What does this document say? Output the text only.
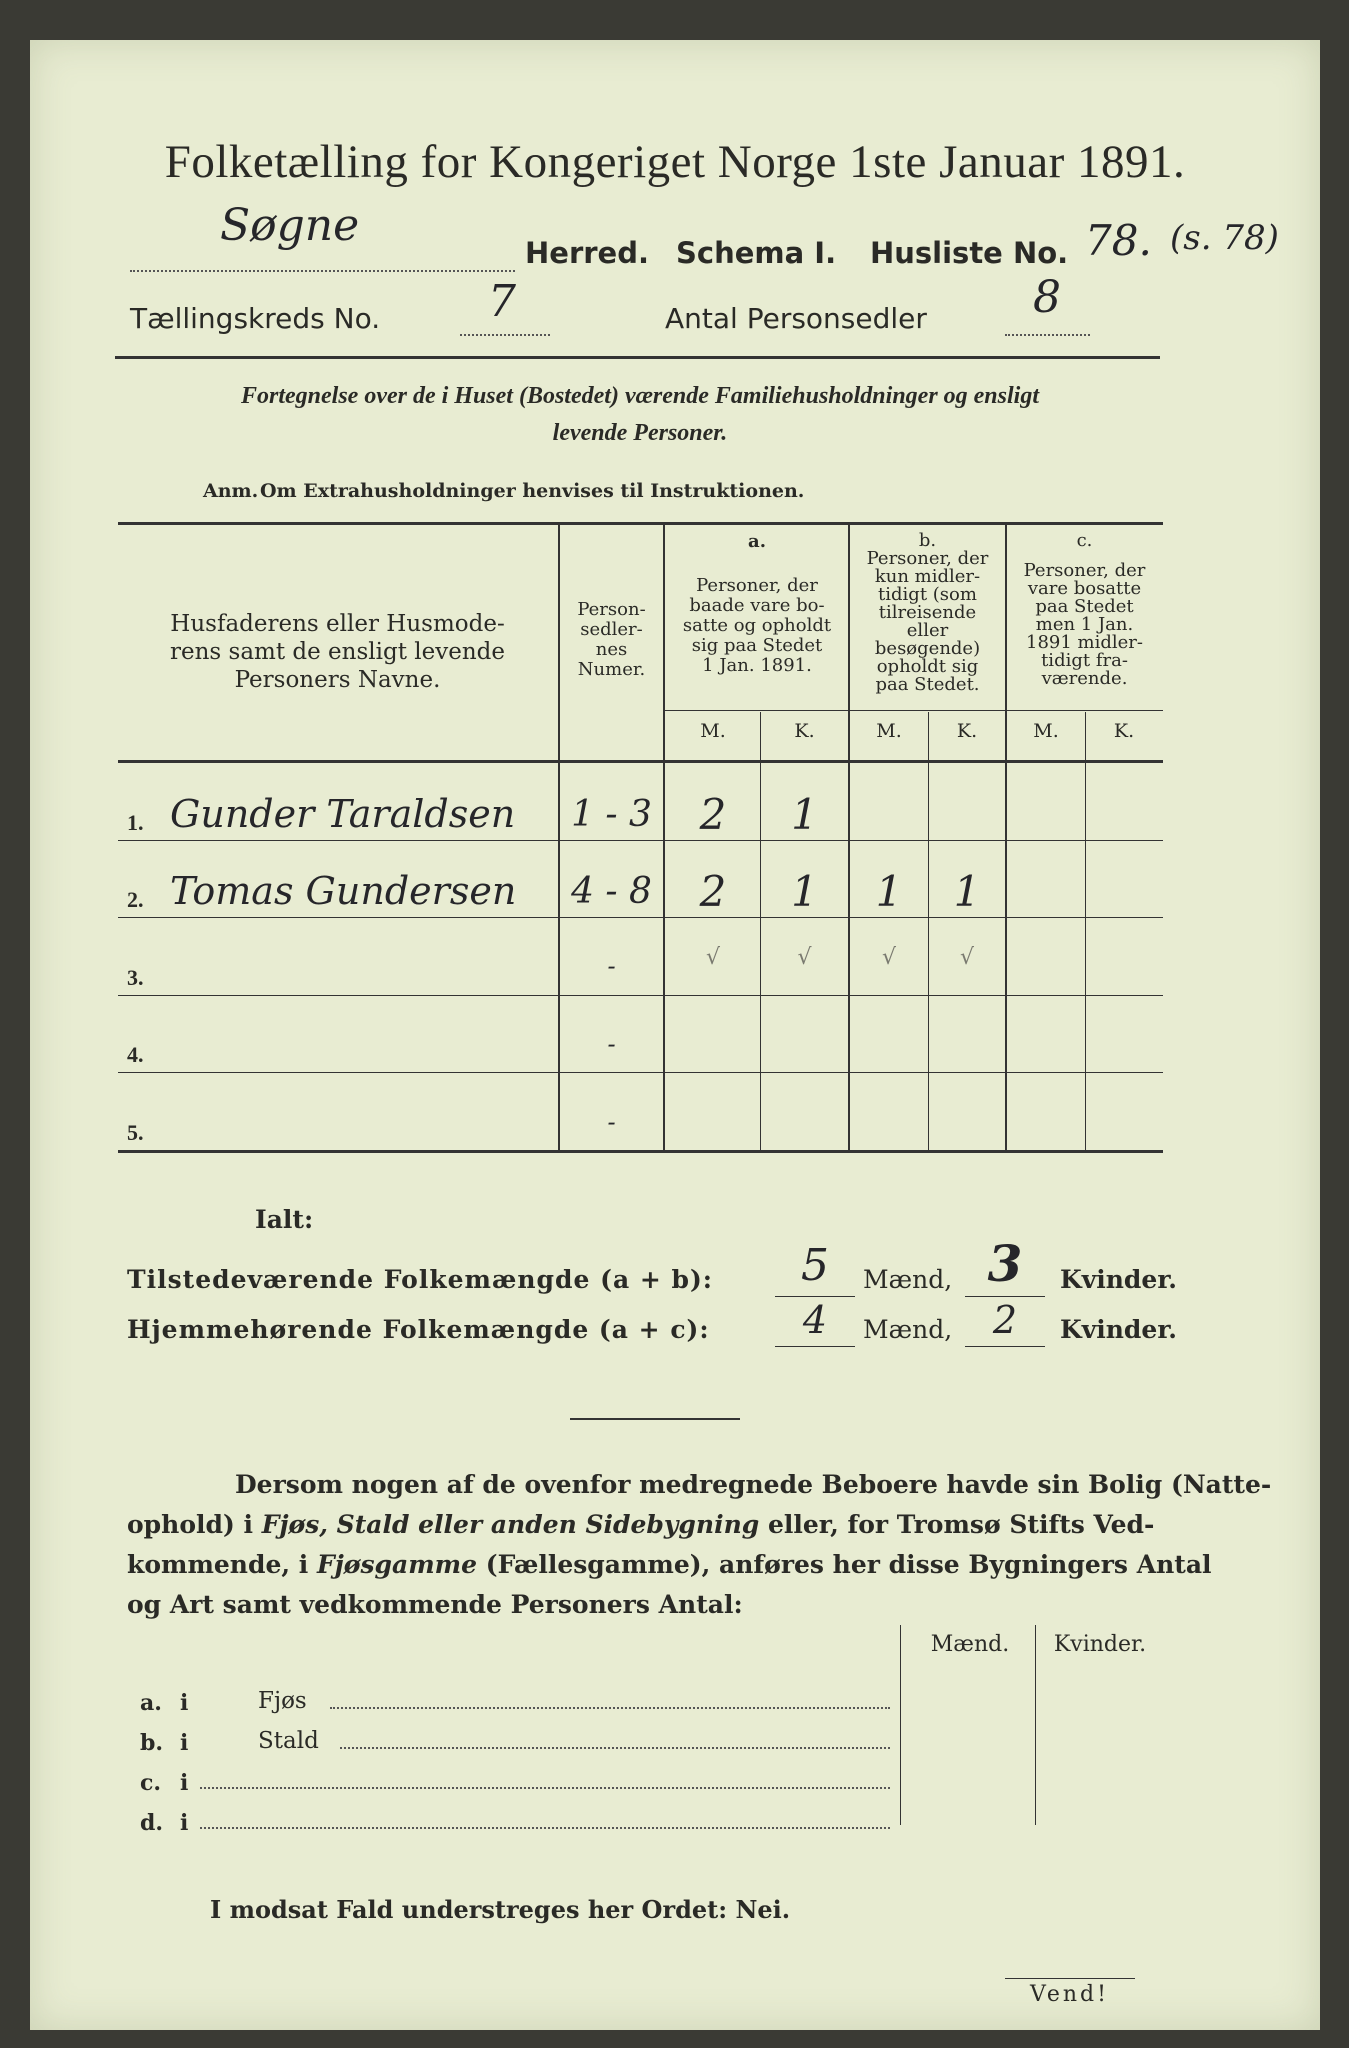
Folketælling for Kongeriget Norge 1ste Januar 1891.
Søgne
Herred. Schema I. Husliste No. 78. (s. 78)
Tællingskreds No. 7	Antal Personsedler 8
Fortegnelse over de i Huset (Bostedet) værende Familiehusholdninger og ensligt
levende Personer.
Anm. Om Extrahusholdninger henvises til Instruktionen.
Husfaderens eller Husmode-
rens samt de ensligt levende
Personers Navne.
Person-
sedler-
nes
Numer.
a.
Personer, der
baade vare bo-
satte og opholdt
sig paa Stedet
1 Jan. 1891.
b.
Personer, der
kun midler-
tidigt (som
tilreisende
eller
besøgende)
opholdt sig
paa Stedet.
c.
Personer, der
vare bosatte
paa Stedet
men 1 Jan.
1891 midler-
tidigt fra-
værende.
M.	K.	M.	K.	M.	K.
1. Gunder Taraldsen	1 - 3	2	1
2. Tomas Gundersen	4 - 8	2	1	1	1
3.	-	√	√	√	√
4.	-
5.	-
Ialt:
Tilstedeværende Folkemængde (a + b):	5	Mænd, 3	Kvinder.
Hjemmehørende Folkemængde (a + c):	4	Mænd,	2	Kvinder.
Dersom nogen af de ovenfor medregnede Beboere havde sin Bolig (Natte-
ophold) i Fjøs, Stald eller anden Sidebygning eller, for Tromsø Stifts Ved-
kommende, i Fjøsgamme (Fællesgamme), anføres her disse Bygningers Antal
og Art samt vedkommende Personers Antal:
Mænd.	Kvinder.
a. i	Fjøs
b. i	Stald
c. i
d. i
I modsat Fald understreges her Ordet: Nei.
Vend!
